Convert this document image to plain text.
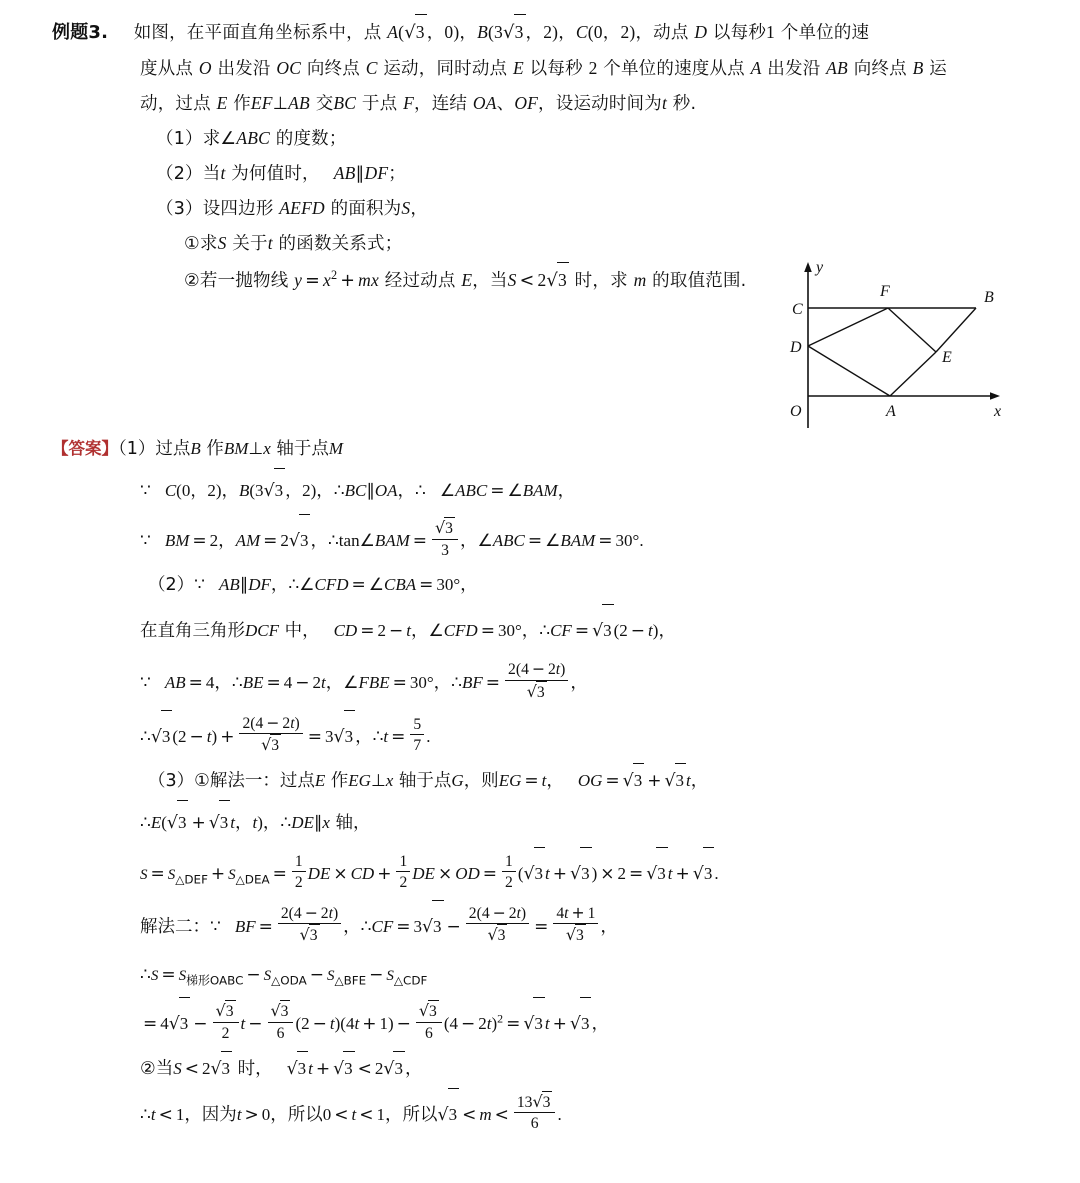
例题3. 如图，在平面直角坐标系中，点 A(√3 ，0)，B(3√3 ，2)，C(0，2)，动点 D 以每秒1 个单位的速
度从点 O 出发沿 OC 向终点 C 运动，同时动点 E 以每秒 2 个单位的速度从点 A 出发沿 AB 向终点 B 运
动，过点 E 作EF⊥AB 交BC 于点 F，连结 OA、OF，设运动时间为t 秒.
（1）求∠ABC 的度数；
（2）当t 为何值时， AB∥DF；
（3）设四边形 AEFD 的面积为S，
①求S 关于t 的函数关系式；
②若一抛物线 $y = x^2$ + mx 经过动点 E，当S < 2√3 时，求 m 的取值范围.
C
F	B
D
E
A
O
y
x
【答案】（1）过点B 作BM⊥x 轴于点M
∵ C(0，2)，B(3√3 ，2)，∴BC∥OA，∴ ∠ABC = ∠BAM，
∵ BM = 2，AM = 2√3 ，∴tan∠BAM = $\frac{√3}{3}$ ，∠ABC = ∠BAM = 30°.
（2）∵ AB∥DF，∴∠CFD = ∠CBA = 30°，
在直角三角形DCF 中， CD = 2 − t，∠CFD = 30°，∴CF = √3 (2 − t)，
∵ AB = 4，∴BE = 4 − 2t，∠FBE = 30°，∴BF = $\frac{2(4 - 2t)}{√3}$ ，
∴√3 $(2 - t) + \frac{2(4 - 2t)}{√3} = 3√3$ ，∴t = $\frac{5}{7}$ .
（3）①解法一：过点E 作EG⊥x 轴于点G，则EG = t， OG = √3 + √3 t，
∴E(√3 + √3 t，t)，∴DE∥x 轴，
$S = S_{\triangle DEF} + S_{\triangle DEA} = \frac{1}{2}$ DE × CD + $\frac{1}{2}$ DE × OD = $\frac{1}{2} (√3$ t + √3 ) × 2 = √3 t + √3 .
解法二：∵ BF = $\frac{2(4 - 2t)}{√3}$ ，∴CF = $3√3 - \frac{2(4 - 2t)}{√3} = \frac{4t + 1}{√3}$ ，
∴S = $S_{梯形OABC} - S_{\triangle ODA} - S_{\triangle BFE} - S_{\triangle CDF}$
= $4√3 - \frac{√3}{2}$ $t - \frac{√3}{6} (2 - t)(4t + 1) - \frac{√3}{6} (4 - 2t)^2 = √3$ t + √3 ，
②当S < 2√3 时， √3 t + √3 < 2√3 ，
∴t < 1，因为t > 0，所以0 < t < 1，所以$√3 < m < \frac{13√3}{6}$ .
